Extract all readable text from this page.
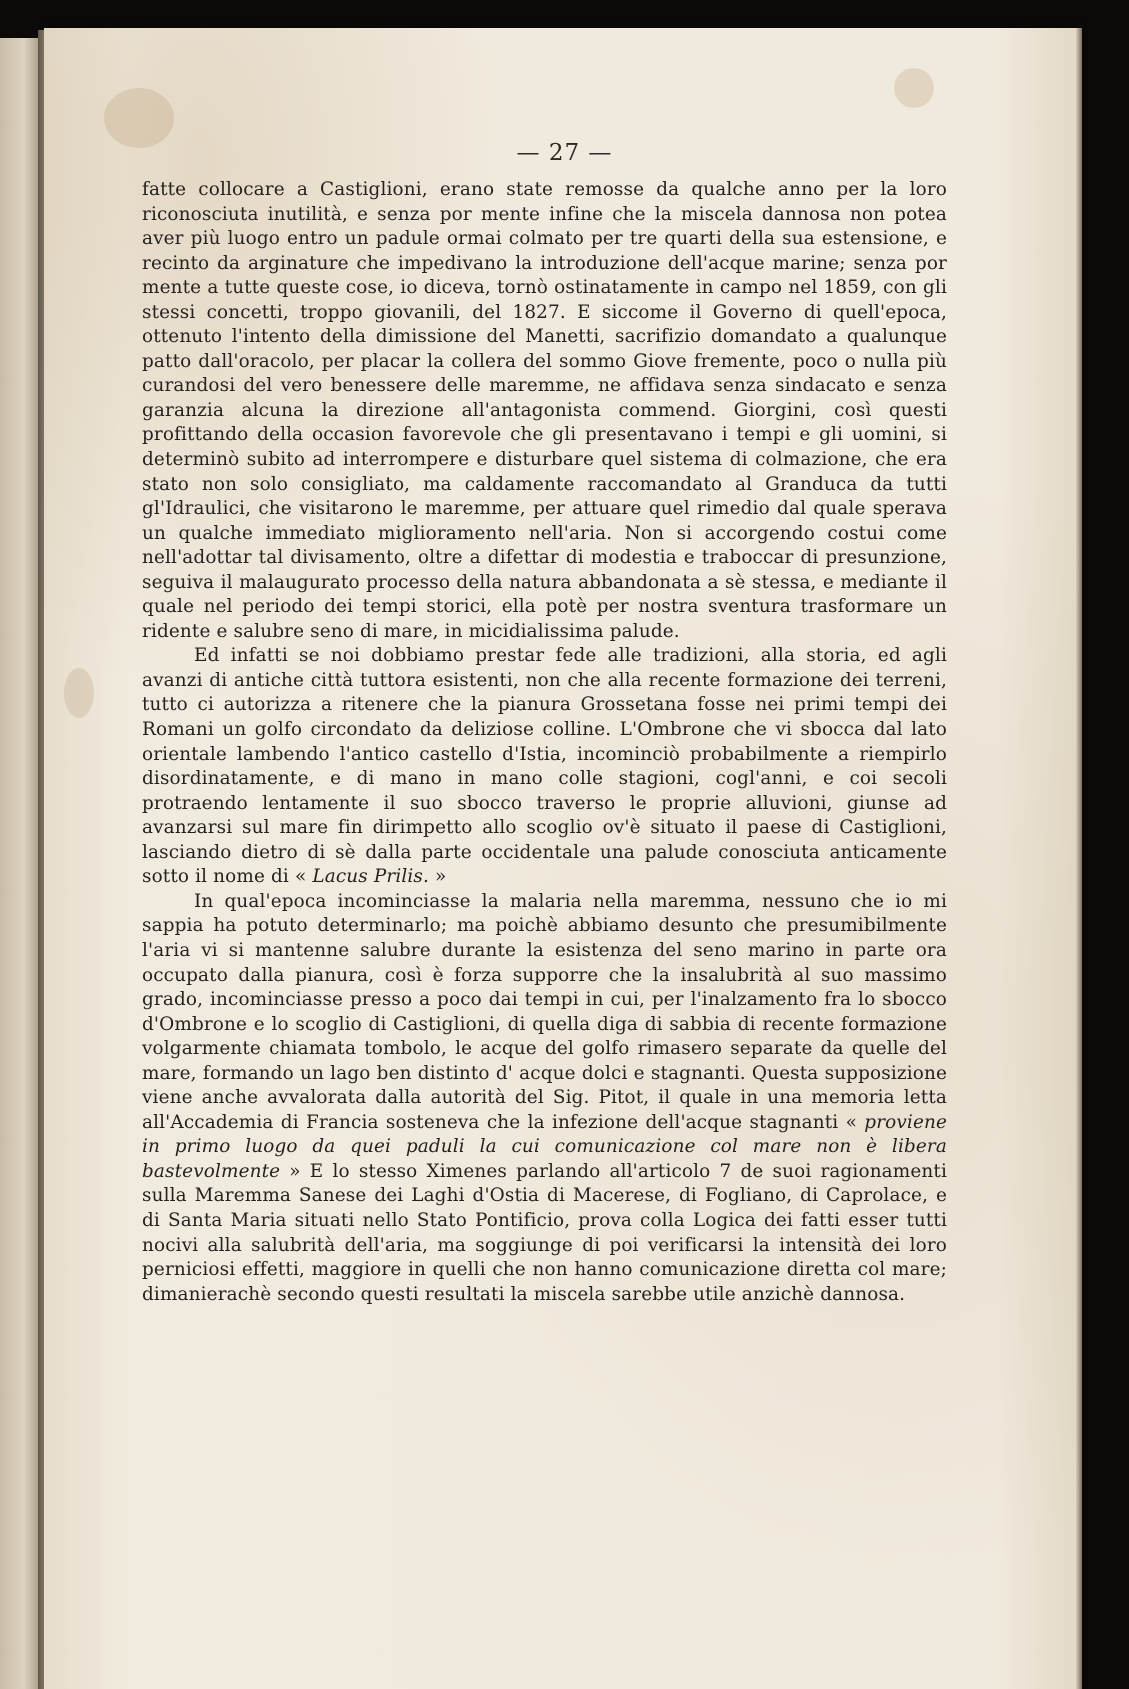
— 27 —

fatte collocare a Castiglioni, erano state remosse da qualche anno per la loro riconosciuta inutilità, e senza por mente infine che la miscela dannosa non potea aver più luogo entro un padule ormai colmato per tre quarti della sua estensione, e recinto da arginature che impedivano la introduzione dell'acque marine; senza por mente a tutte queste cose, io diceva, tornò ostinatamente in campo nel 1859, con gli stessi concetti, troppo giovanili, del 1827. E siccome il Governo di quell'epoca, ottenuto l'intento della dimissione del Manetti, sacrifizio domandato a qualunque patto dall'oracolo, per placar la collera del sommo Giove fremente, poco o nulla più curandosi del vero benessere delle maremme, ne affidava senza sindacato e senza garanzia alcuna la direzione all'antagonista commend. Giorgini, così questi profittando della occasion favorevole che gli presentavano i tempi e gli uomini, si determinò subito ad interrompere e disturbare quel sistema di colmazione, che era stato non solo consigliato, ma caldamente raccomandato al Granduca da tutti gl'Idraulici, che visitarono le maremme, per attuare quel rimedio dal quale sperava un qualche immediato miglioramento nell'aria. Non si accorgendo costui come nell'adottar tal divisamento, oltre a difettar di modestia e traboccar di presunzione, seguiva il malaugurato processo della natura abbandonata a sè stessa, e mediante il quale nel periodo dei tempi storici, ella potè per nostra sventura trasformare un ridente e salubre seno di mare, in micidialissima palude.

Ed infatti se noi dobbiamo prestar fede alle tradizioni, alla storia, ed agli avanzi di antiche città tuttora esistenti, non che alla recente formazione dei terreni, tutto ci autorizza a ritenere che la pianura Grossetana fosse nei primi tempi dei Romani un golfo circondato da deliziose colline. L'Ombrone che vi sbocca dal lato orientale lambendo l'antico castello d'Istia, incominciò probabilmente a riempirlo disordinatamente, e di mano in mano colle stagioni, cogl'anni, e coi secoli protraendo lentamente il suo sbocco traverso le proprie alluvioni, giunse ad avanzarsi sul mare fin dirimpetto allo scoglio ov'è situato il paese di Castiglioni, lasciando dietro di sè dalla parte occidentale una palude conosciuta anticamente sotto il nome di « Lacus Prilis. »

In qual'epoca incominciasse la malaria nella maremma, nessuno che io mi sappia ha potuto determinarlo; ma poichè abbiamo desunto che presumibilmente l'aria vi si mantenne salubre durante la esistenza del seno marino in parte ora occupato dalla pianura, così è forza supporre che la insalubrità al suo massimo grado, incominciasse presso a poco dai tempi in cui, per l'inalzamento fra lo sbocco d'Ombrone e lo scoglio di Castiglioni, di quella diga di sabbia di recente formazione volgarmente chiamata tombolo, le acque del golfo rimasero separate da quelle del mare, formando un lago ben distinto d' acque dolci e stagnanti. Questa supposizione viene anche avvalorata dalla autorità del Sig. Pitot, il quale in una memoria letta all'Accademia di Francia sosteneva che la infezione dell'acque stagnanti « proviene in primo luogo da quei paduli la cui comunicazione col mare non è libera bastevolmente » E lo stesso Ximenes parlando all'articolo 7 de suoi ragionamenti sulla Maremma Sanese dei Laghi d'Ostia di Macerese, di Fogliano, di Caprolace, e di Santa Maria situati nello Stato Pontificio, prova colla Logica dei fatti esser tutti nocivi alla salubrità dell'aria, ma soggiunge di poi verificarsi la intensità dei loro perniciosi effetti, maggiore in quelli che non hanno comunicazione diretta col mare; dimanierachè secondo questi resultati la miscela sarebbe utile anzichè dannosa.
